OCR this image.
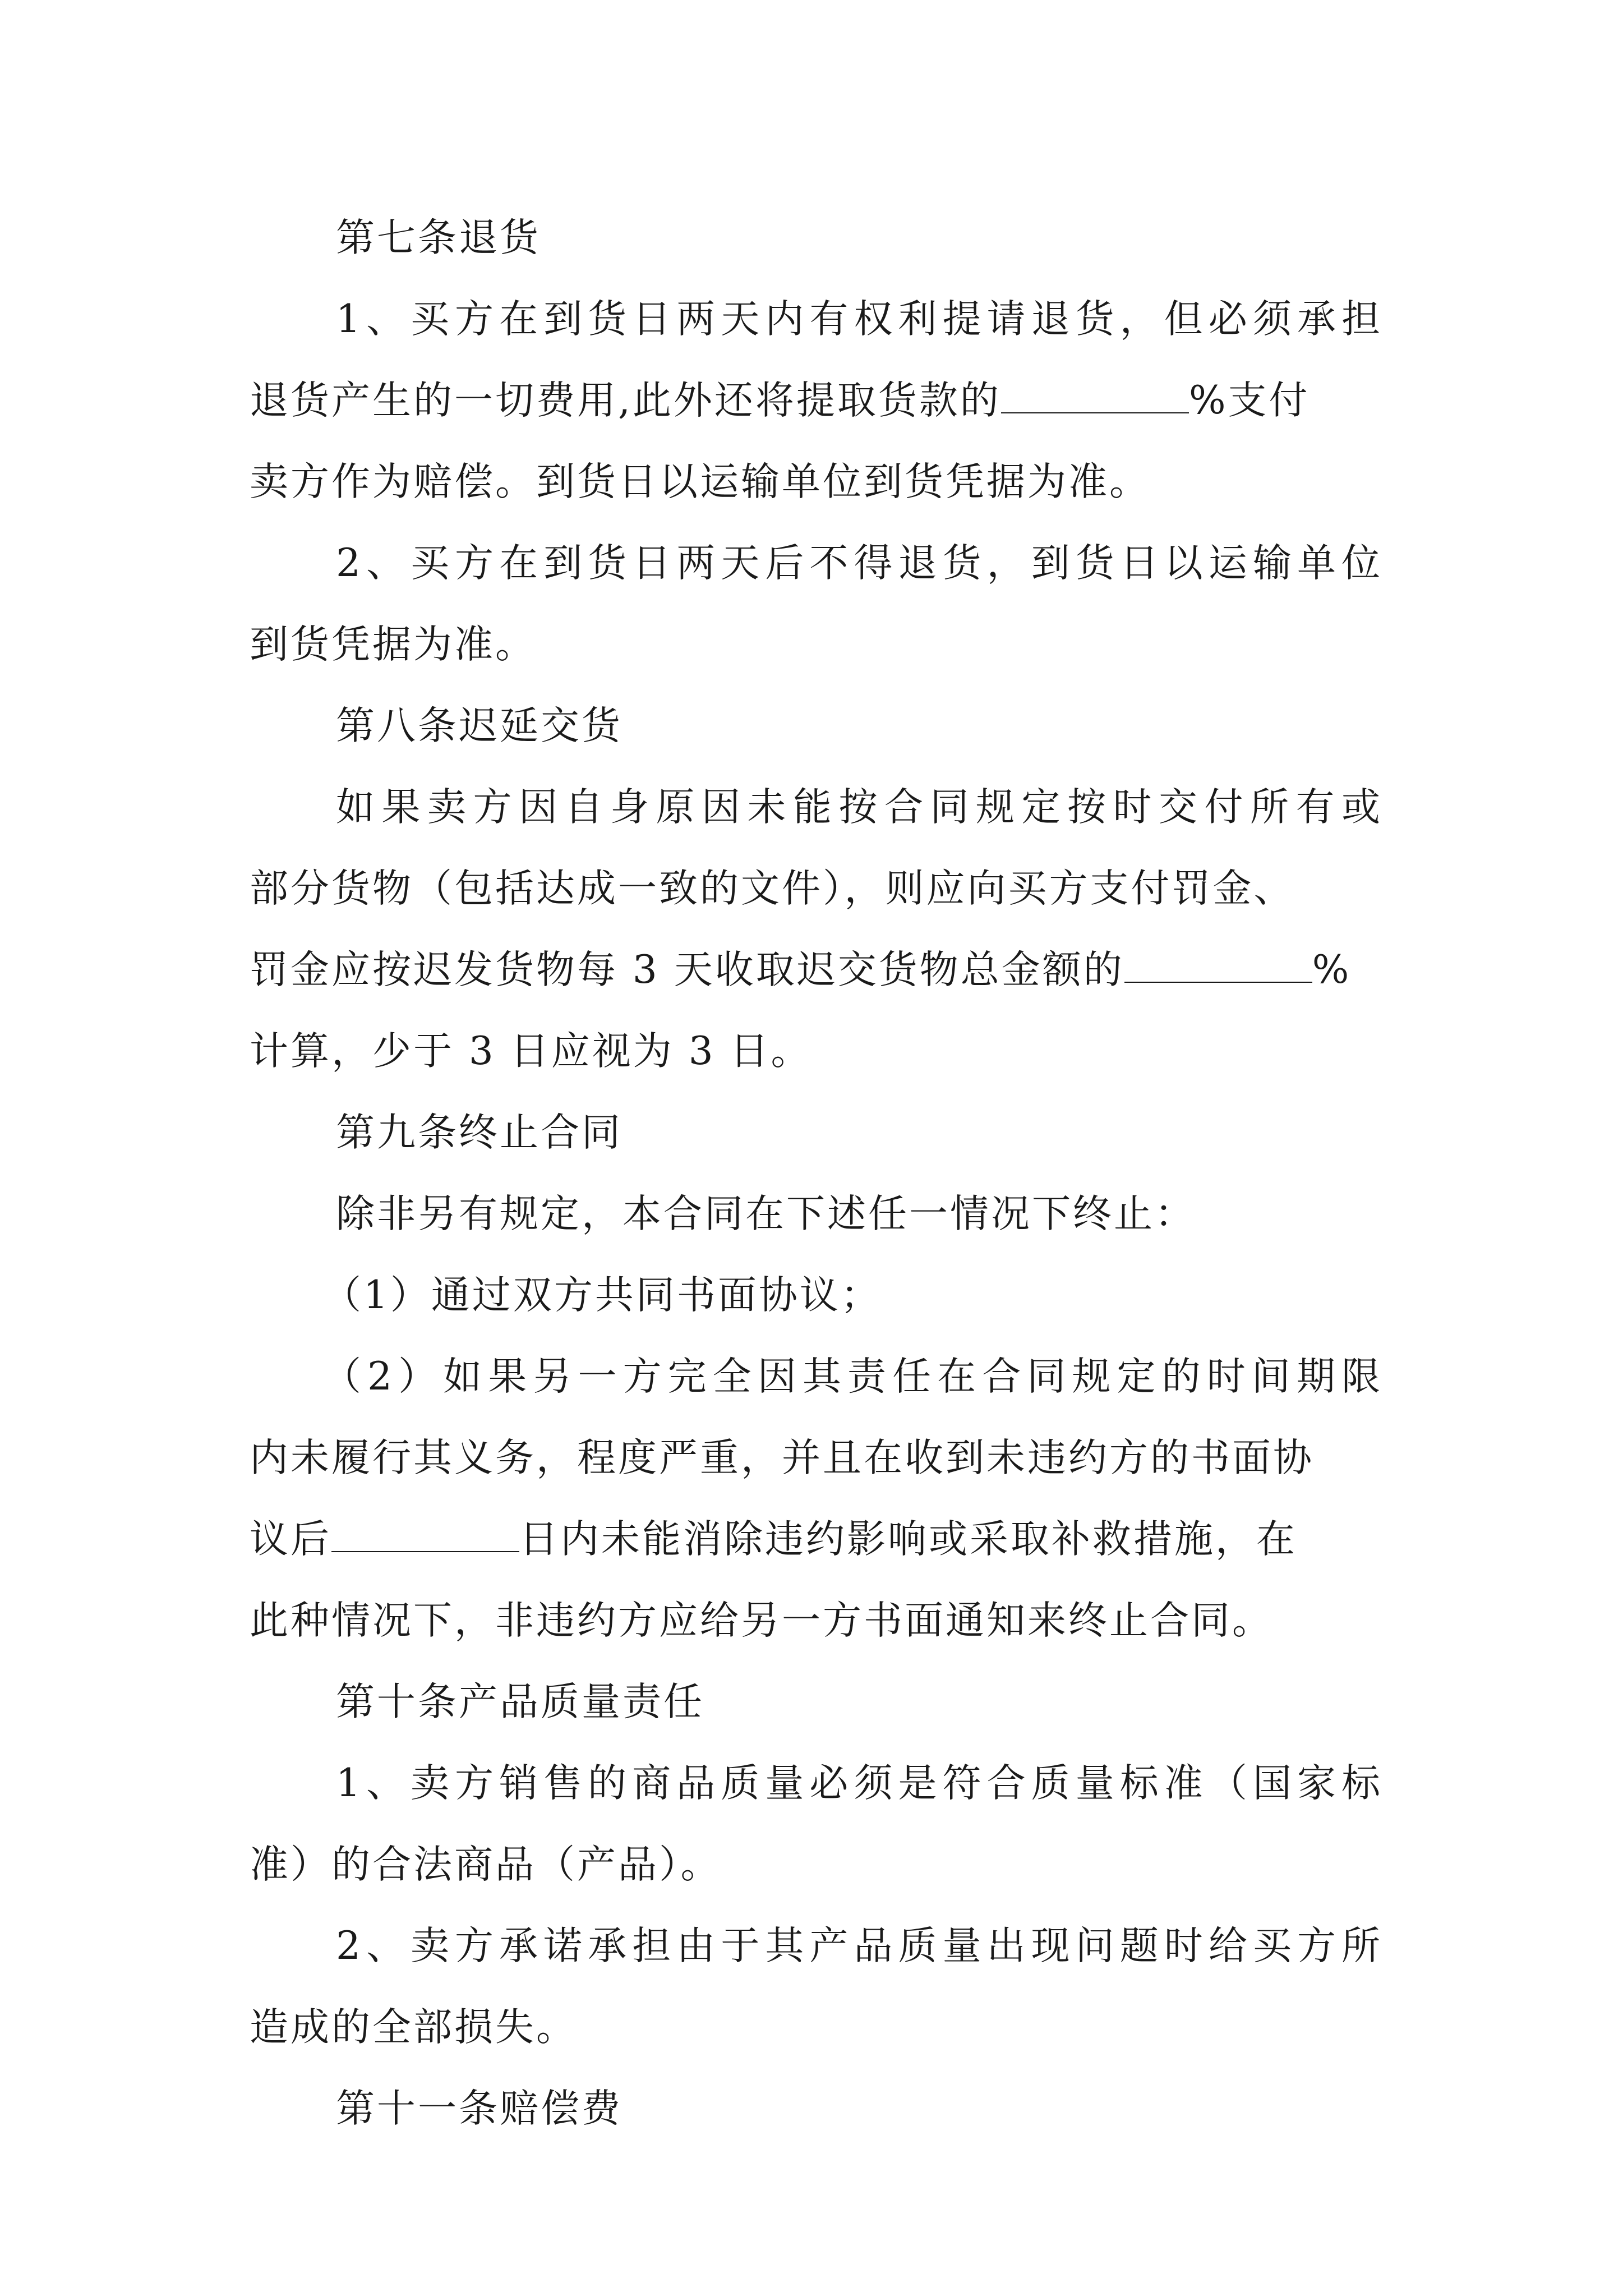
第七条退货
1、买方在到货日两天内有权利提请退货，但必须承担
退货产生的一切费用,此外还将提取货款的	%支付
卖方作为赔偿。到货日以运输单位到货凭据为准。
2、买方在到货日两天后不得退货，到货日以运输单位
到货凭据为准。
第八条迟延交货
如果卖方因自身原因未能按合同规定按时交付所有或
部分货物（包括达成一致的文件），则应向买方支付罚金、
罚金应按迟发货物每 3 天收取迟交货物总金额的	%
计算，少于 3 日应视为 3 日。
第九条终止合同
除非另有规定，本合同在下述任一情况下终止：
（1）通过双方共同书面协议；
（2）如果另一方完全因其责任在合同规定的时间期限
内未履行其义务，程度严重，并且在收到未违约方的书面协
议后	日内未能消除违约影响或采取补救措施，在
此种情况下，非违约方应给另一方书面通知来终止合同。
第十条产品质量责任
1、卖方销售的商品质量必须是符合质量标准（国家标
准）的合法商品（产品）。
2、卖方承诺承担由于其产品质量出现问题时给买方所
造成的全部损失。
第十一条赔偿费
